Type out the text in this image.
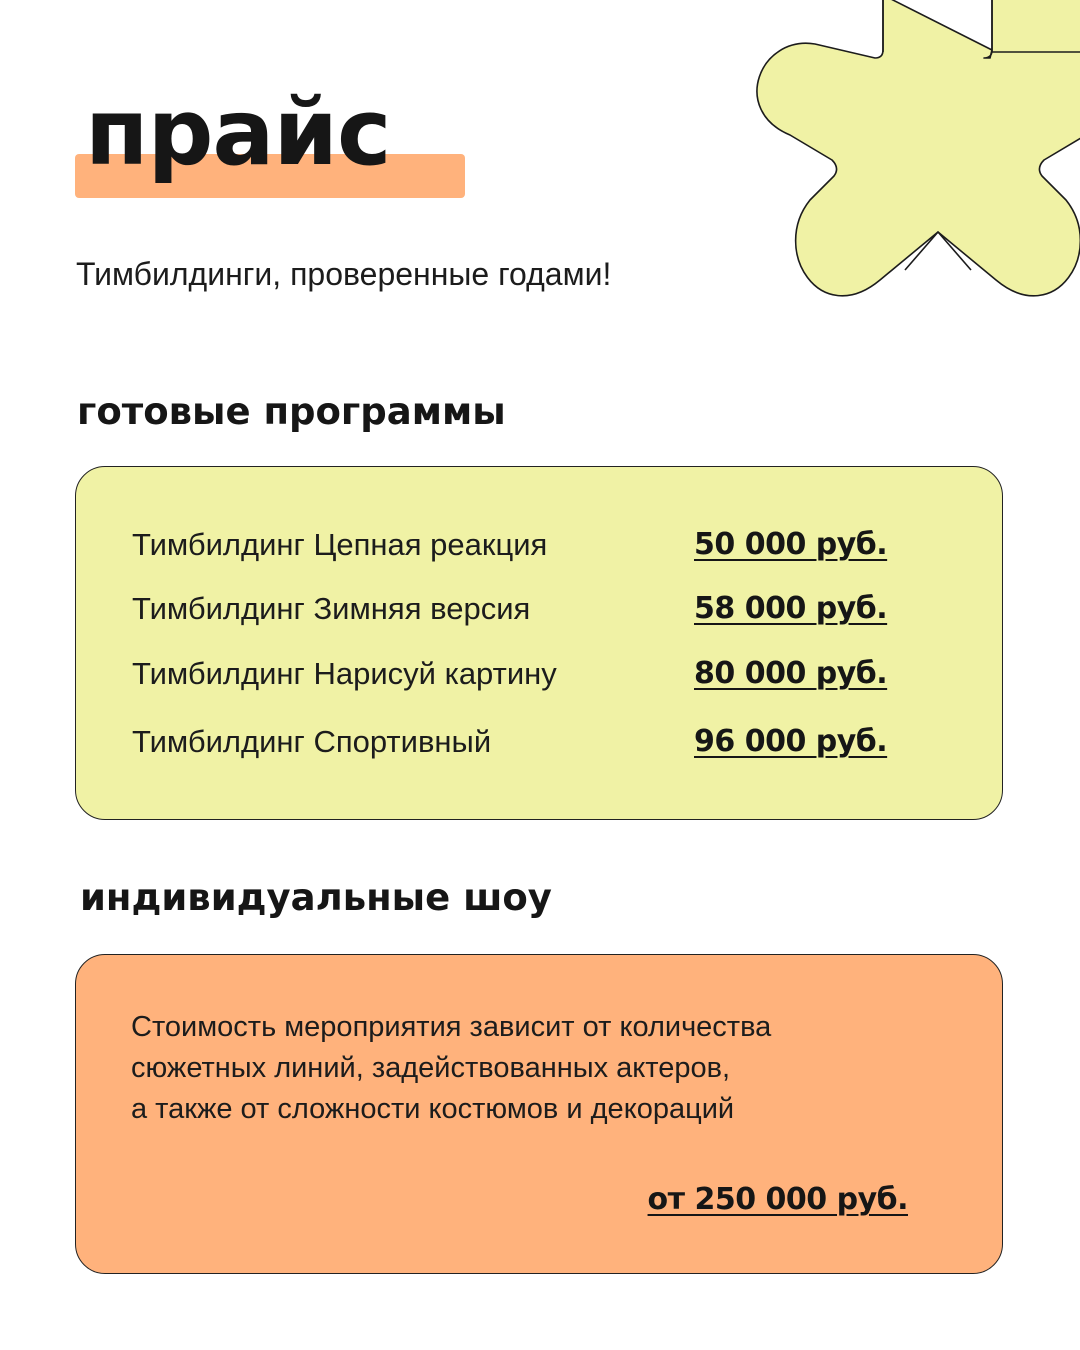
прайс
Тимбилдинги, проверенные годами!
готовые программы
Тимбилдинг Цепная реакция	50 000 руб.
Тимбилдинг Зимняя версия	58 000 руб.
Тимбилдинг Нарисуй картину	80 000 руб.
Тимбилдинг Спортивный	96 000 руб.
индивидуальные шоу
Стоимость мероприятия зависит от количества
сюжетных линий, задействованных актеров,
а также от сложности костюмов и декораций
от 250 000 руб.
